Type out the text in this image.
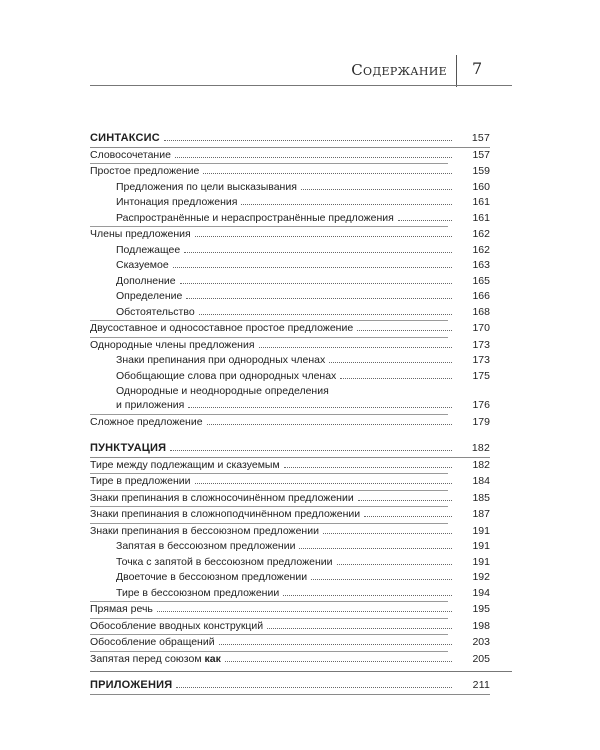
Содержание 7
СИНТАКСИС	157
Словосочетание	157
Простое предложение	159
Предложения по цели высказывания	160
Интонация предложения	161
Распространённые и нераспространённые предложения	161
Члены предложения	162
Подлежащее	162
Сказуемое	163
Дополнение	165
Определение	166
Обстоятельство	168
Двусоставное и односоставное простое предложение	170
Однородные члены предложения	173
Знаки препинания при однородных членах	173
Обобщающие слова при однородных членах	175
Однородные и неоднородные определения
и приложения	176
Сложное предложение	179
ПУНКТУАЦИЯ	182
Тире между подлежащим и сказуемым	182
Тире в предложении	184
Знаки препинания в сложносочинённом предложении	185
Знаки препинания в сложноподчинённом предложении	187
Знаки препинания в бессоюзном предложении	191
Запятая в бессоюзном предложении	191
Точка с запятой в бессоюзном предложении	191
Двоеточие в бессоюзном предложении	192
Тире в бессоюзном предложении	194
Прямая речь	195
Обособление вводных конструкций	198
Обособление обращений	203
Запятая перед союзом как	205
ПРИЛОЖЕНИЯ	211
